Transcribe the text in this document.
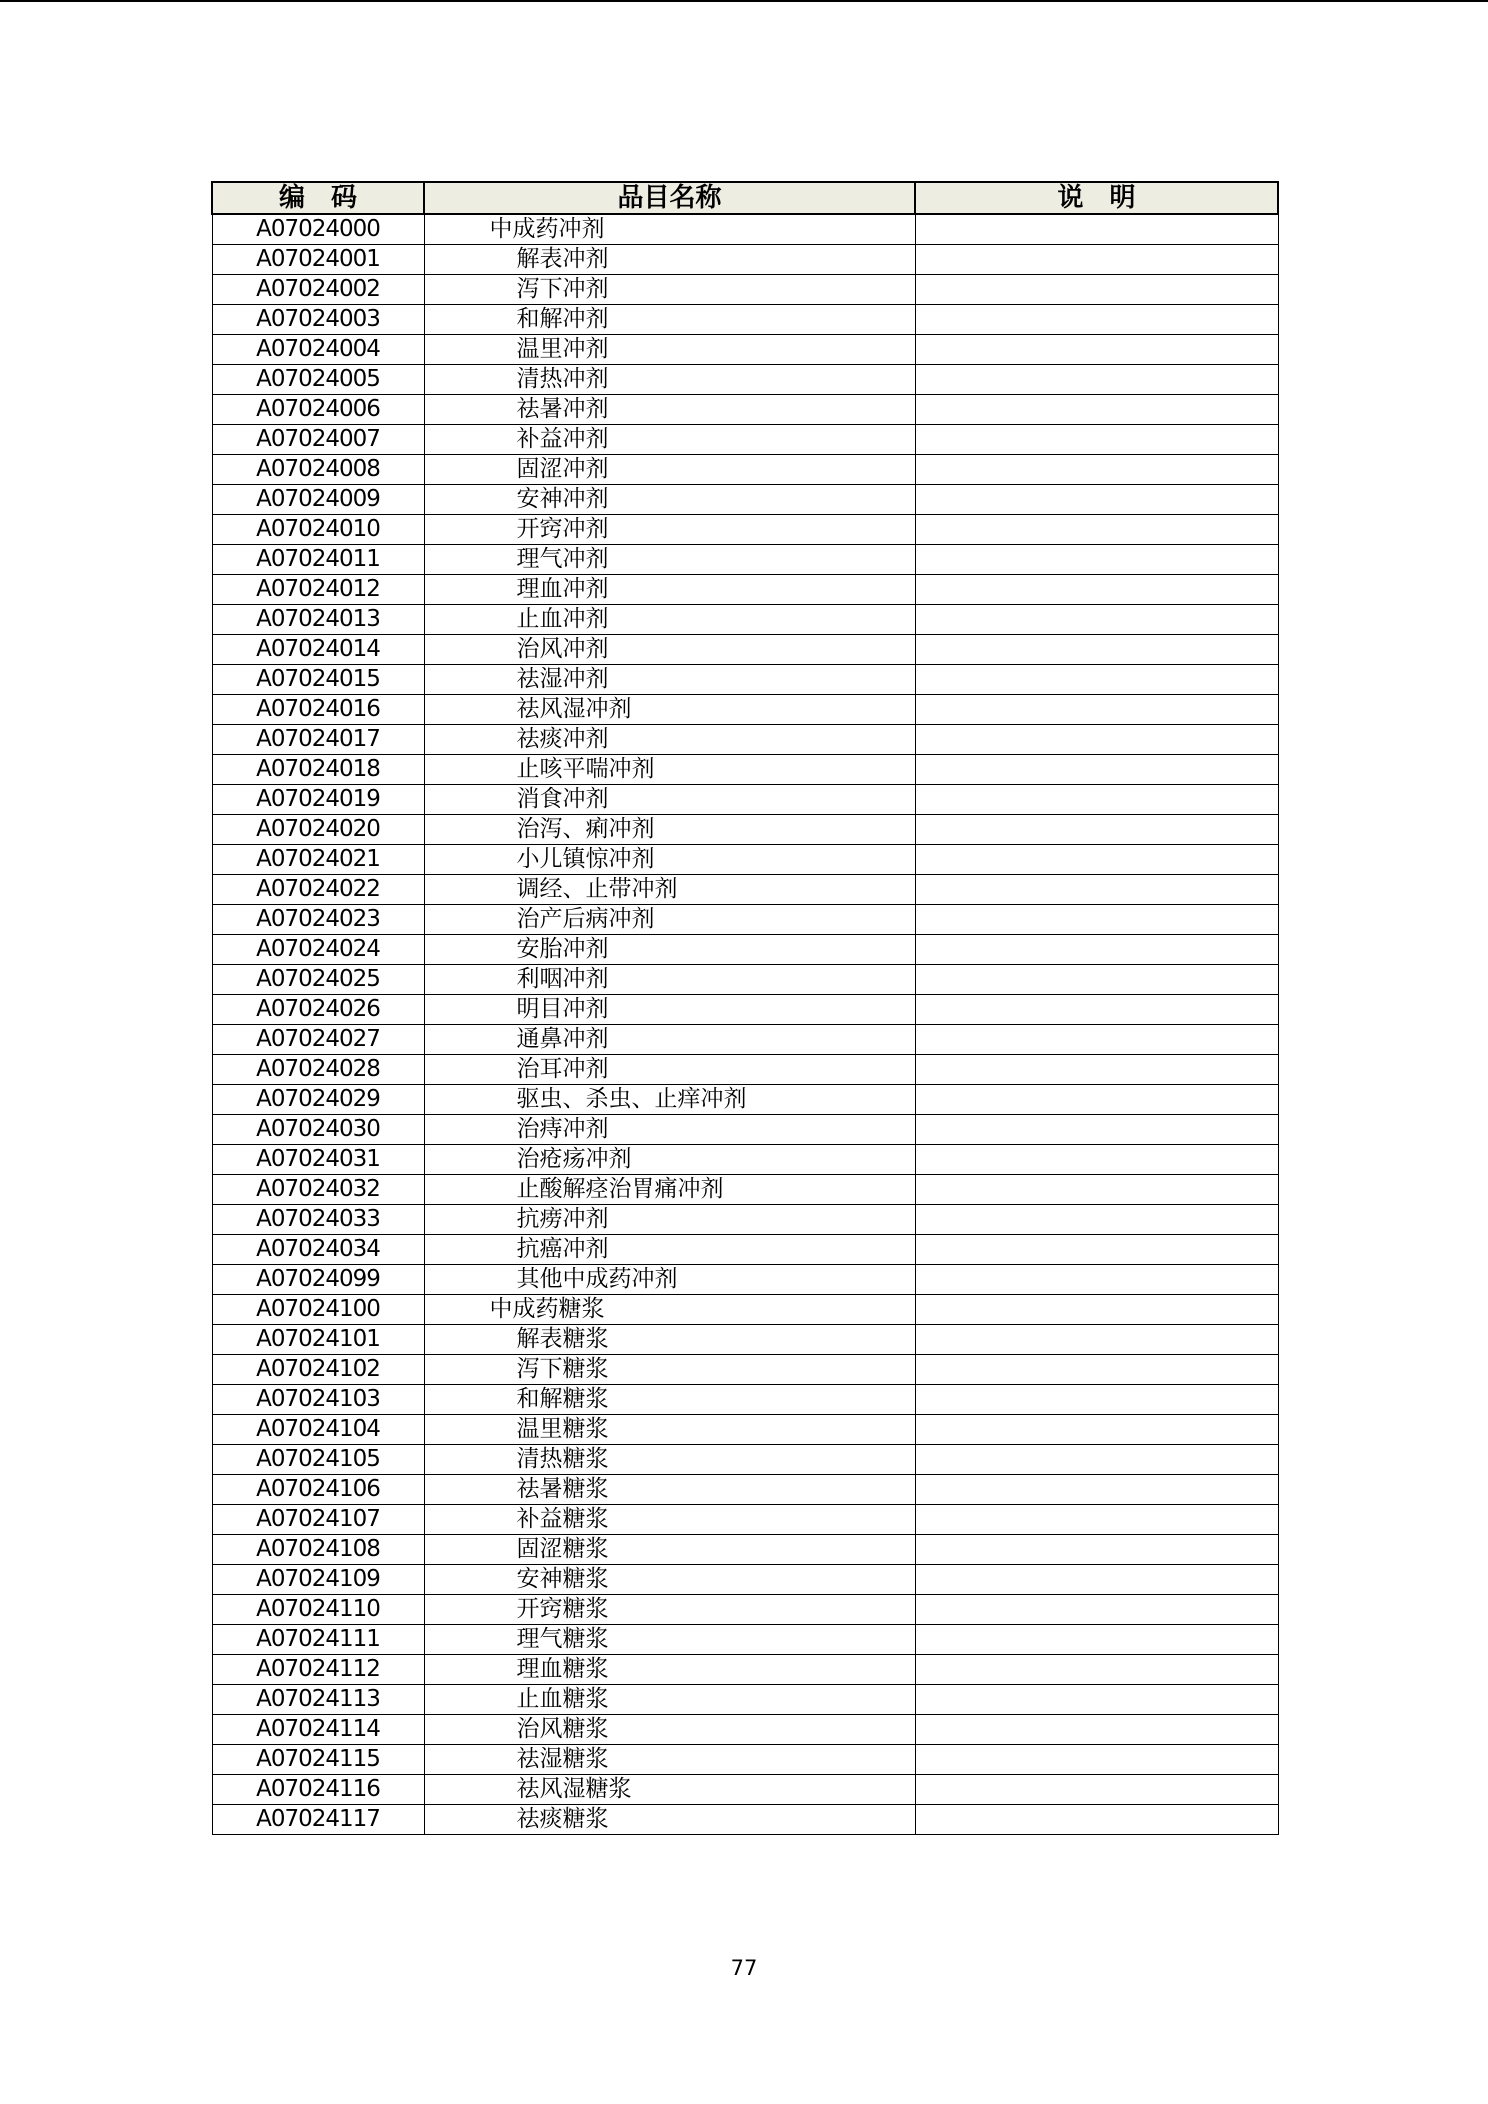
编　码	品目名称	说　明
A07024000	中成药冲剂	
A07024001	解表冲剂	
A07024002	泻下冲剂	
A07024003	和解冲剂	
A07024004	温里冲剂	
A07024005	清热冲剂	
A07024006	祛暑冲剂	
A07024007	补益冲剂	
A07024008	固涩冲剂	
A07024009	安神冲剂	
A07024010	开窍冲剂	
A07024011	理气冲剂	
A07024012	理血冲剂	
A07024013	止血冲剂	
A07024014	治风冲剂	
A07024015	祛湿冲剂	
A07024016	祛风湿冲剂	
A07024017	祛痰冲剂	
A07024018	止咳平喘冲剂	
A07024019	消食冲剂	
A07024020	治泻、痢冲剂	
A07024021	小儿镇惊冲剂	
A07024022	调经、止带冲剂	
A07024023	治产后病冲剂	
A07024024	安胎冲剂	
A07024025	利咽冲剂	
A07024026	明目冲剂	
A07024027	通鼻冲剂	
A07024028	治耳冲剂	
A07024029	驱虫、杀虫、止痒冲剂	
A07024030	治痔冲剂	
A07024031	治疮疡冲剂	
A07024032	止酸解痉治胃痛冲剂	
A07024033	抗痨冲剂	
A07024034	抗癌冲剂	
A07024099	其他中成药冲剂	
A07024100	中成药糖浆	
A07024101	解表糖浆	
A07024102	泻下糖浆	
A07024103	和解糖浆	
A07024104	温里糖浆	
A07024105	清热糖浆	
A07024106	祛暑糖浆	
A07024107	补益糖浆	
A07024108	固涩糖浆	
A07024109	安神糖浆	
A07024110	开窍糖浆	
A07024111	理气糖浆	
A07024112	理血糖浆	
A07024113	止血糖浆	
A07024114	治风糖浆	
A07024115	祛湿糖浆	
A07024116	祛风湿糖浆	
A07024117	祛痰糖浆	
77
